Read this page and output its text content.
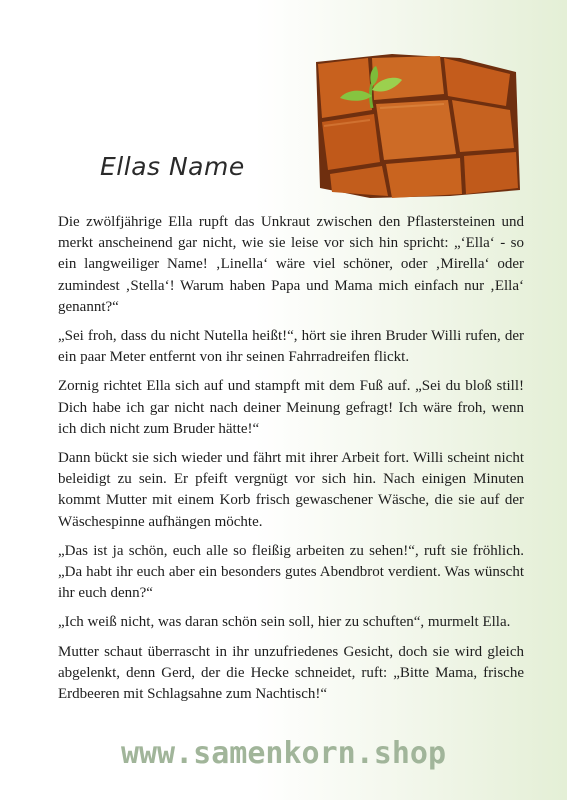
Ellas Name

Die zwölfjährige Ella rupft das Unkraut zwischen den Pflastersteinen und merkt anscheinend gar nicht, wie sie leise vor sich hin spricht: „‘Ella‘ - so ein langweiliger Name! ‚Linella‘ wäre viel schöner, oder ‚Mirella‘ oder zumindest ‚Stella‘! Warum haben Papa und Mama mich einfach nur ‚Ella‘ genannt?“

„Sei froh, dass du nicht Nutella heißt!“, hört sie ihren Bruder Willi rufen, der ein paar Meter entfernt von ihr seinen Fahrradreifen flickt.

Zornig richtet Ella sich auf und stampft mit dem Fuß auf. „Sei du bloß still! Dich habe ich gar nicht nach deiner Meinung gefragt! Ich wäre froh, wenn ich dich nicht zum Bruder hätte!“

Dann bückt sie sich wieder und fährt mit ihrer Arbeit fort. Willi scheint nicht beleidigt zu sein. Er pfeift vergnügt vor sich hin. Nach einigen Minuten kommt Mutter mit einem Korb frisch gewaschener Wäsche, die sie auf der Wäschespinne aufhängen möchte.

„Das ist ja schön, euch alle so fleißig arbeiten zu sehen!“, ruft sie fröhlich. „Da habt ihr euch aber ein besonders gutes Abendbrot verdient. Was wünscht ihr euch denn?“

„Ich weiß nicht, was daran schön sein soll, hier zu schuften“, murmelt Ella.

Mutter schaut überrascht in ihr unzufriedenes Gesicht, doch sie wird gleich abgelenkt, denn Gerd, der die Hecke schneidet, ruft: „Bitte Mama, frische Erdbeeren mit Schlagsahne zum Nachtisch!“

www.samenkorn.shop
